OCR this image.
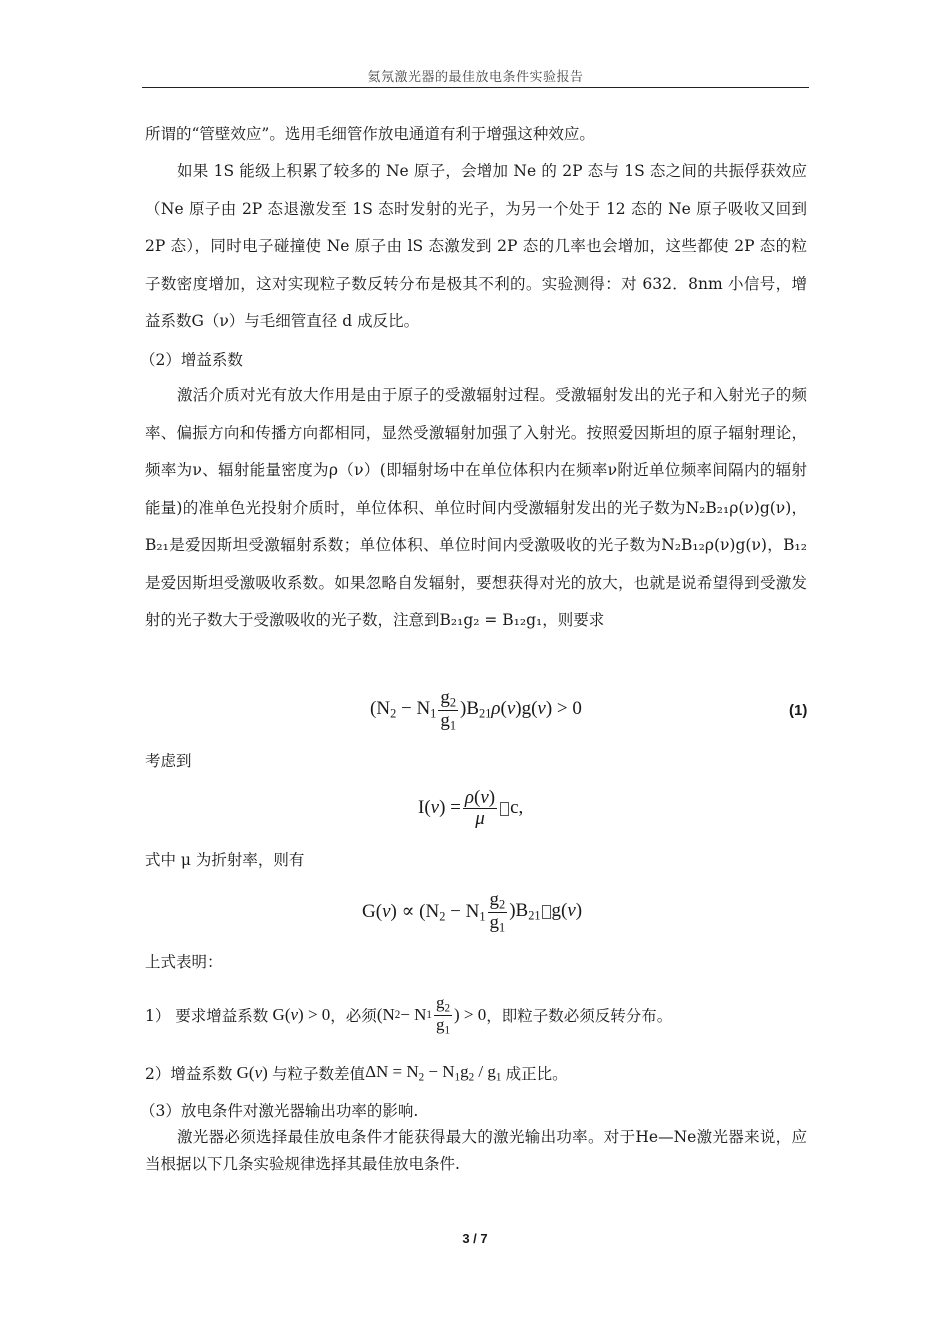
氦氖激光器的最佳放电条件实验报告
所谓的“管壁效应”。选用毛细管作放电通道有利于增强这种效应。
如果 1S 能级上积累了较多的 Ne 原子，会增加 Ne 的 2P 态与 1S 态之间的共振俘获效应（Ne 原子由 2P 态退激发至 1S 态时发射的光子，为另一个处于 12 态的 Ne 原子吸收又回到 2P 态），同时电子碰撞使 Ne 原子由 lS 态激发到 2P 态的几率也会增加，这些都使 2P 态的粒子数密度增加，这对实现粒子数反转分布是极其不利的。实验测得：对 632．8nm 小信号，增益系数G（ν）与毛细管直径 d 成反比。
（2）增益系数
激活介质对光有放大作用是由于原子的受激辐射过程。受激辐射发出的光子和入射光子的频率、偏振方向和传播方向都相同，显然受激辐射加强了入射光。按照爱因斯坦的原子辐射理论，频率为ν、辐射能量密度为ρ（ν）(即辐射场中在单位体积内在频率ν附近单位频率间隔内的辐射能量)的准单色光投射介质时，单位体积、单位时间内受激辐射发出的光子数为N₂B₂₁ρ(ν)g(ν)，B₂₁是爱因斯坦受激辐射系数；单位体积、单位时间内受激吸收的光子数为N₂B₁₂ρ(ν)g(ν)，B₁₂是爱因斯坦受激吸收系数。如果忽略自发辐射，要想获得对光的放大，也就是说希望得到受激发射的光子数大于受激吸收的光子数，注意到B₂₁g₂ = B₁₂g₁，则要求
$(N_2 - N_1 \frac{g_2}{g_1} )B_{21}\rho(\nu)g(\nu) > 0$	(1)
考虑到
$I(\nu) = \frac{\rho(\nu)}{\mu} c$,
式中 μ 为折射率，则有
$G(\nu) \propto (N_2 - N_1 \frac{g_2}{g_1} )B_{21}$ g(ν)
上式表明：
1） 要求增益系数 G(ν) > 0 ，必须 (N 2 − N $1 \frac{g_2}{g_1}$ ) > 0 ，即粒子数必须反转分布。
2）增益系数 G(ν) 与粒子数差值 $\Delta N = N_2 - N_1g_2 / g_1$ 成正比。
（3）放电条件对激光器输出功率的影响.
激光器必须选择最佳放电条件才能获得最大的激光输出功率。对于He—Ne激光器来说，应当根据以下几条实验规律选择其最佳放电条件.
3 / 7
